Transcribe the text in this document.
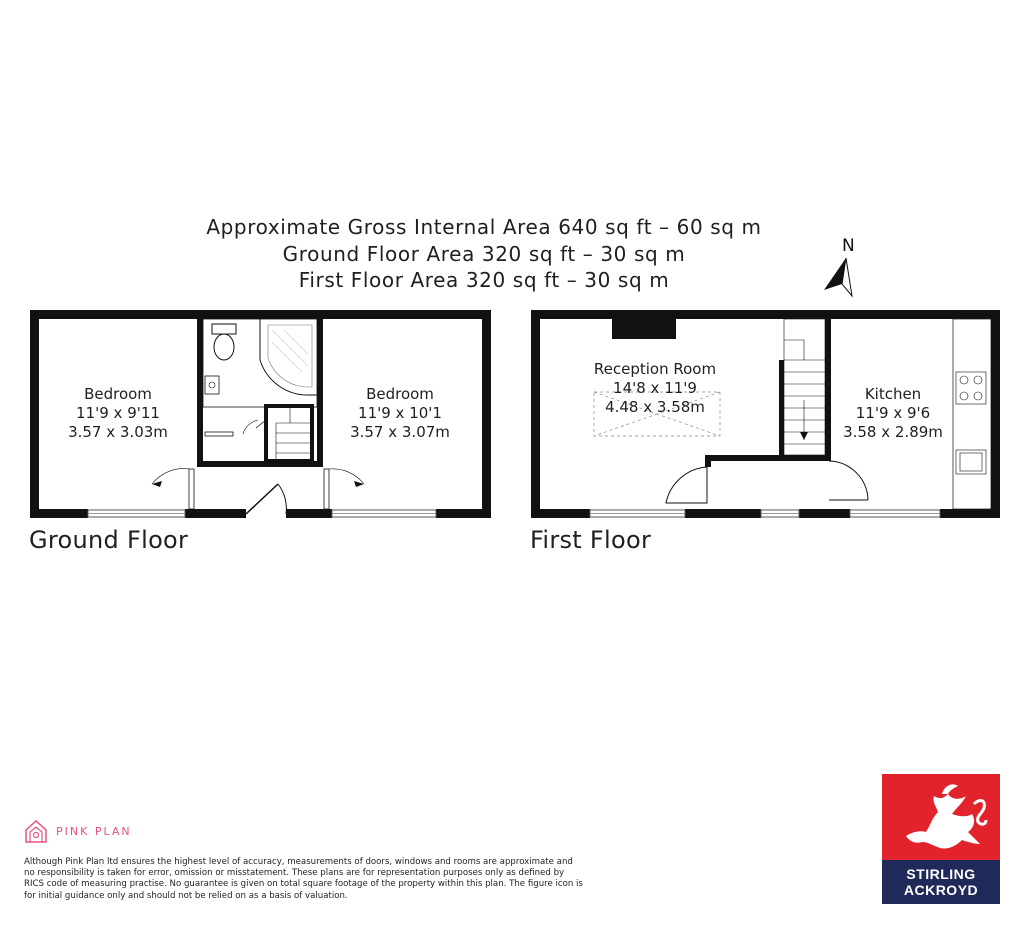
Approximate Gross Internal Area 640 sq ft – 60 sq m
Ground Floor Area 320 sq ft – 30 sq m
First Floor Area 320 sq ft – 30 sq m
N
Bedroom
11'9 x 9'11
3.57 x 3.03m
Bedroom
11'9 x 10'1
3.57 x 3.07m
Reception Room
14'8 x 11'9
4.48 x 3.58m
Kitchen
11'9 x 9'6
3.58 x 2.89m
Ground Floor	First Floor
PINK PLAN
Although Pink Plan ltd ensures the highest level of accuracy, measurements of doors, windows and rooms are approximate and no responsibility is taken for error, omission or misstatement. These plans are for representation purposes only as defined by RICS code of measuring practise. No guarantee is given on total square footage of the property within this plan. The figure icon is for initial guidance only and should not be relied on as a basis of valuation.
STIRLING
ACKROYD
